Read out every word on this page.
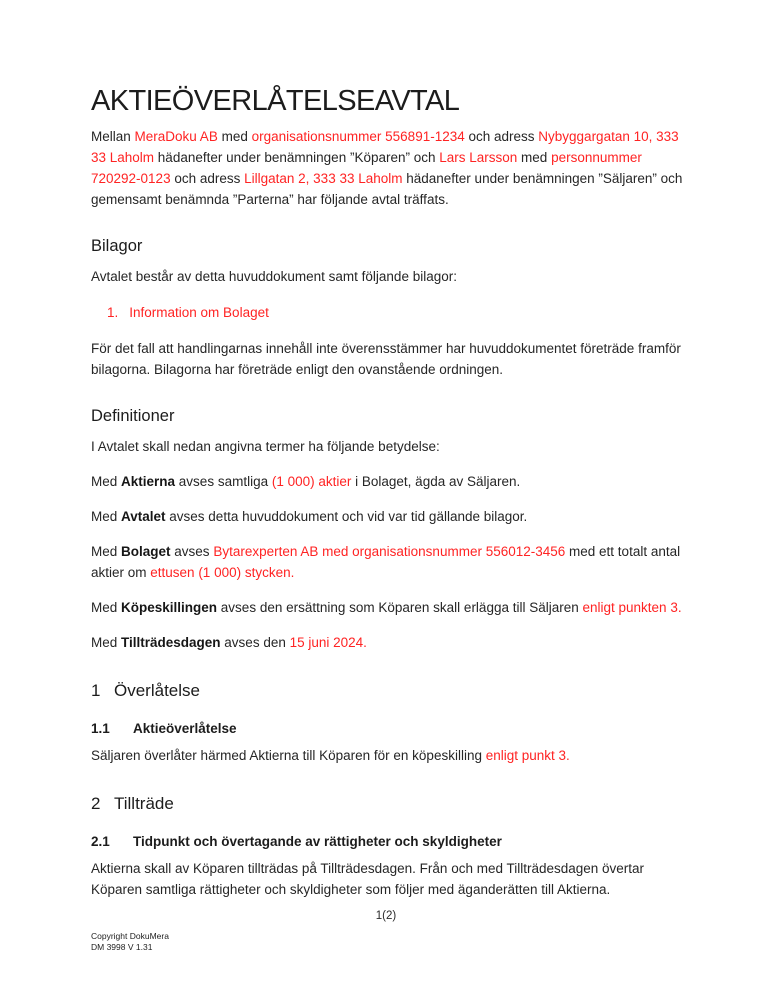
AKTIEÖVERLÅTELSEAVTAL

Mellan MeraDoku AB med organisationsnummer 556891-1234 och adress Nybyggargatan 10, 333 33 Laholm hädanefter under benämningen ”Köparen” och Lars Larsson med personnummer 720292-0123 och adress Lillgatan 2, 333 33 Laholm hädanefter under benämningen ”Säljaren” och gemensamt benämnda ”Parterna” har följande avtal träffats.

Bilagor

Avtalet består av detta huvuddokument samt följande bilagor:

1. Information om Bolaget

För det fall att handlingarnas innehåll inte överensstämmer har huvuddokumentet företräde framför bilagorna. Bilagorna har företräde enligt den ovanstående ordningen.

Definitioner

I Avtalet skall nedan angivna termer ha följande betydelse:

Med Aktierna avses samtliga (1 000) aktier i Bolaget, ägda av Säljaren.

Med Avtalet avses detta huvuddokument och vid var tid gällande bilagor.

Med Bolaget avses Bytarexperten AB med organisationsnummer 556012-3456 med ett totalt antal aktier om ettusen (1 000) stycken.

Med Köpeskillingen avses den ersättning som Köparen skall erlägga till Säljaren enligt punkten 3.

Med Tillträdesdagen avses den 15 juni 2024.

1 Överlåtelse
1.1	Aktieöverlåtelse

Säljaren överlåter härmed Aktierna till Köparen för en köpeskilling enligt punkt 3.

2 Tillträde
2.1	Tidpunkt och övertagande av rättigheter och skyldigheter

Aktierna skall av Köparen tillträdas på Tillträdesdagen. Från och med Tillträdesdagen övertar Köparen samtliga rättigheter och skyldigheter som följer med äganderätten till Aktierna.

1(2)
Copyright DokuMera
DM 3998 V 1.31
